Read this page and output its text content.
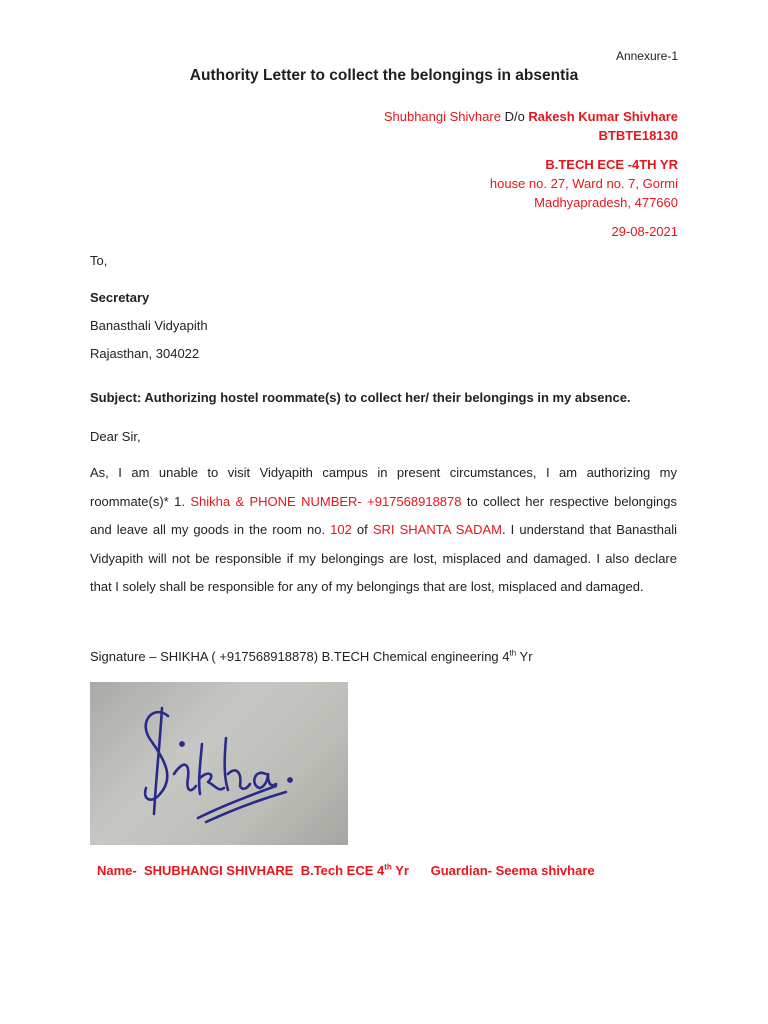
Annexure-1
Authority Letter to collect the belongings in absentia
Shubhangi Shivhare D/o Rakesh Kumar Shivhare
BTBTE18130
B.TECH ECE -4TH YR
house no. 27, Ward no. 7, Gormi
Madhyapradesh, 477660
29-08-2021
To,
Secretary
Banasthali Vidyapith
Rajasthan, 304022
Subject: Authorizing hostel roommate(s) to collect her/ their belongings in my absence.
Dear Sir,
As, I am unable to visit Vidyapith campus in present circumstances, I am authorizing my roommate(s)* 1. Shikha & PHONE NUMBER- +917568918878 to collect her respective belongings and leave all my goods in the room no. 102 of SRI SHANTA SADAM. I understand that Banasthali Vidyapith will not be responsible if my belongings are lost, misplaced and damaged. I also declare that I solely shall be responsible for any of my belongings that are lost, misplaced and damaged.
Signature – SHIKHA ( +917568918878) B.TECH Chemical engineering 4th Yr
Name-  SHUBHANGI SHIVHARE  B.Tech ECE 4th Yr      Guardian- Seema shivhare
